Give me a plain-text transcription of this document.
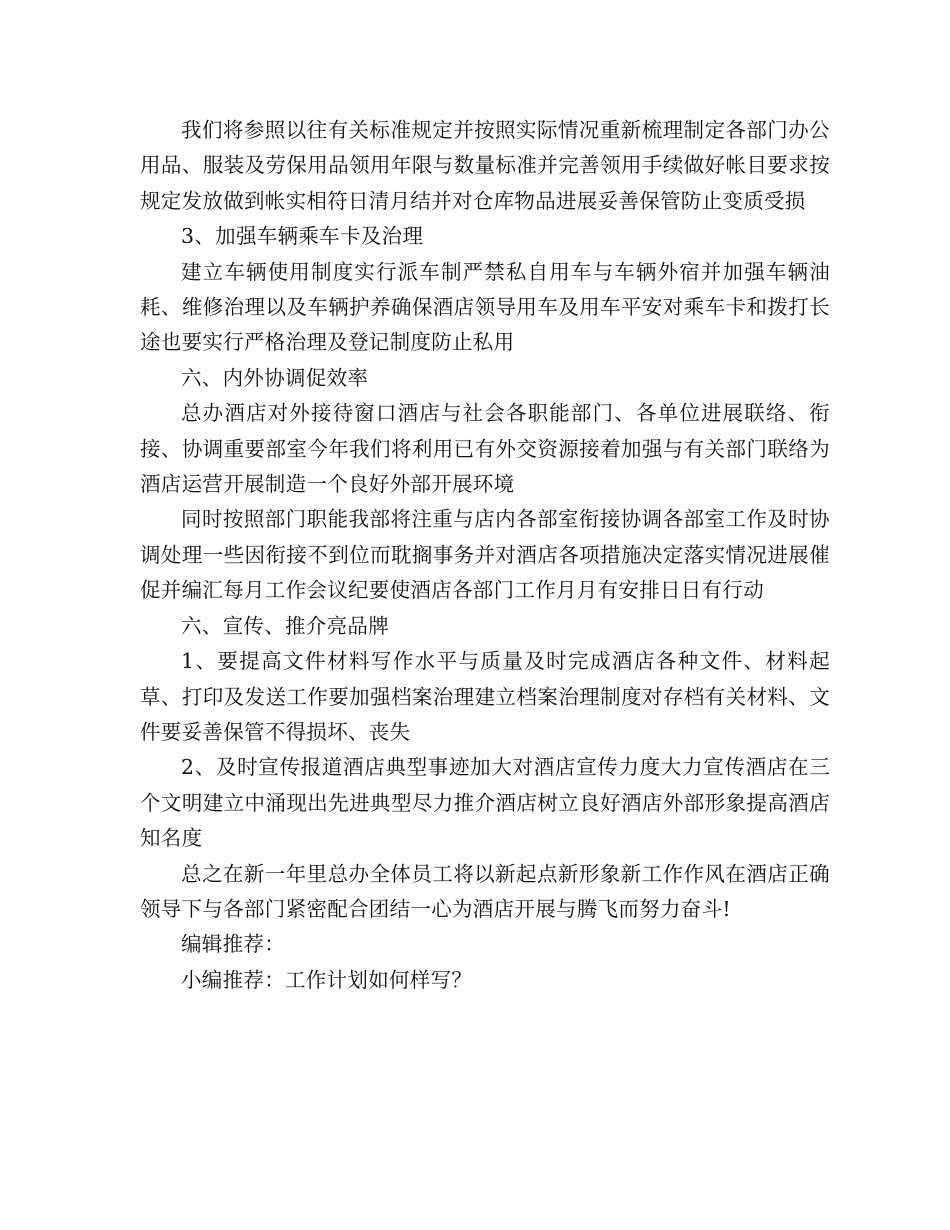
我们将参照以往有关标准规定并按照实际情况重新梳理制定各部门办公用品、服装及劳保用品领用年限与数量标准并完善领用手续做好帐目要求按规定发放做到帐实相符日清月结并对仓库物品进展妥善保管防止变质受损

3、加强车辆乘车卡及治理

建立车辆使用制度实行派车制严禁私自用车与车辆外宿并加强车辆油耗、维修治理以及车辆护养确保酒店领导用车及用车平安对乘车卡和拨打长途也要实行严格治理及登记制度防止私用

六、内外协调促效率

总办酒店对外接待窗口酒店与社会各职能部门、各单位进展联络、衔接、协调重要部室今年我们将利用已有外交资源接着加强与有关部门联络为酒店运营开展制造一个良好外部开展环境

同时按照部门职能我部将注重与店内各部室衔接协调各部室工作及时协调处理一些因衔接不到位而耽搁事务并对酒店各项措施决定落实情况进展催促并编汇每月工作会议纪要使酒店各部门工作月月有安排日日有行动

六、宣传、推介亮品牌

1、要提高文件材料写作水平与质量及时完成酒店各种文件、材料起草、打印及发送工作要加强档案治理建立档案治理制度对存档有关材料、文件要妥善保管不得损坏、丧失

2、及时宣传报道酒店典型事迹加大对酒店宣传力度大力宣传酒店在三个文明建立中涌现出先进典型尽力推介酒店树立良好酒店外部形象提高酒店知名度

总之在新一年里总办全体员工将以新起点新形象新工作作风在酒店正确领导下与各部门紧密配合团结一心为酒店开展与腾飞而努力奋斗!

编辑推荐：

小编推荐：工作计划如何样写？
